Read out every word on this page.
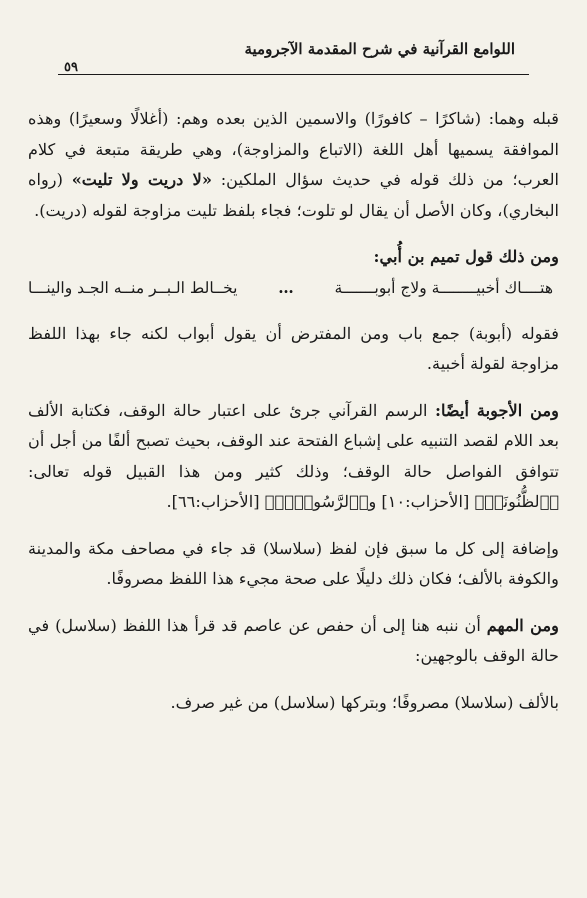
اللوامع القرآنية في شرح المقدمة الآجرومية
٥٩

قبله وهما: (شاكرًا – كافورًا) والاسمين الذين بعده وهم: (أغلالًا وسعيرًا) وهذه الموافقة يسميها أهل اللغة (الاتباع والمزاوجة)، وهي طريقة متبعة في كلام العرب؛ من ذلك قوله في حديث سؤال الملكين: «لا دريت ولا تليت» (رواه البخاري)، وكان الأصل أن يقال لو تلوت؛ فجاء بلفظ تليت مزاوجة لقوله (دريت).

ومن ذلك قول تميم بن أُبي:

هتــــاك أخبيــــــــة ولاج أبوبـــــــة
…
يخــالط الـبــر منــه الجـد والينـــا

فقوله (أبوبة) جمع باب ومن المفترض أن يقول أبواب لكنه جاء بهذا اللفظ مزاوجة لقولة أخبية.

ومن الأجوبة أيضًا: الرسم القرآني جرئ على اعتبار حالة الوقف، فكتابة الألف بعد اللام لقصد التنبيه على إشباع الفتحة عند الوقف، بحيث تصبح ألفًا من أجل أن تتوافق الفواصل حالة الوقف؛ وذلك كثير ومن هذا القبيل قوله تعالى: ﴿ٱلظُّنُونَا۠﴾ [الأحزاب:١٠] و﴿ٱلرَّسُولَا۠﴾ [الأحزاب:٦٦].

وإضافة إلى كل ما سبق فإن لفظ (سلاسلا) قد جاء في مصاحف مكة والمدينة والكوفة بالألف؛ فكان ذلك دليلًا على صحة مجيء هذا اللفظ مصروفًا.

ومن المهم أن ننبه هنا إلى أن حفص عن عاصم قد قرأ هذا اللفظ (سلاسل) في حالة الوقف بالوجهين:

بالألف (سلاسلا) مصروفًا؛ وبتركها (سلاسل) من غير صرف.
